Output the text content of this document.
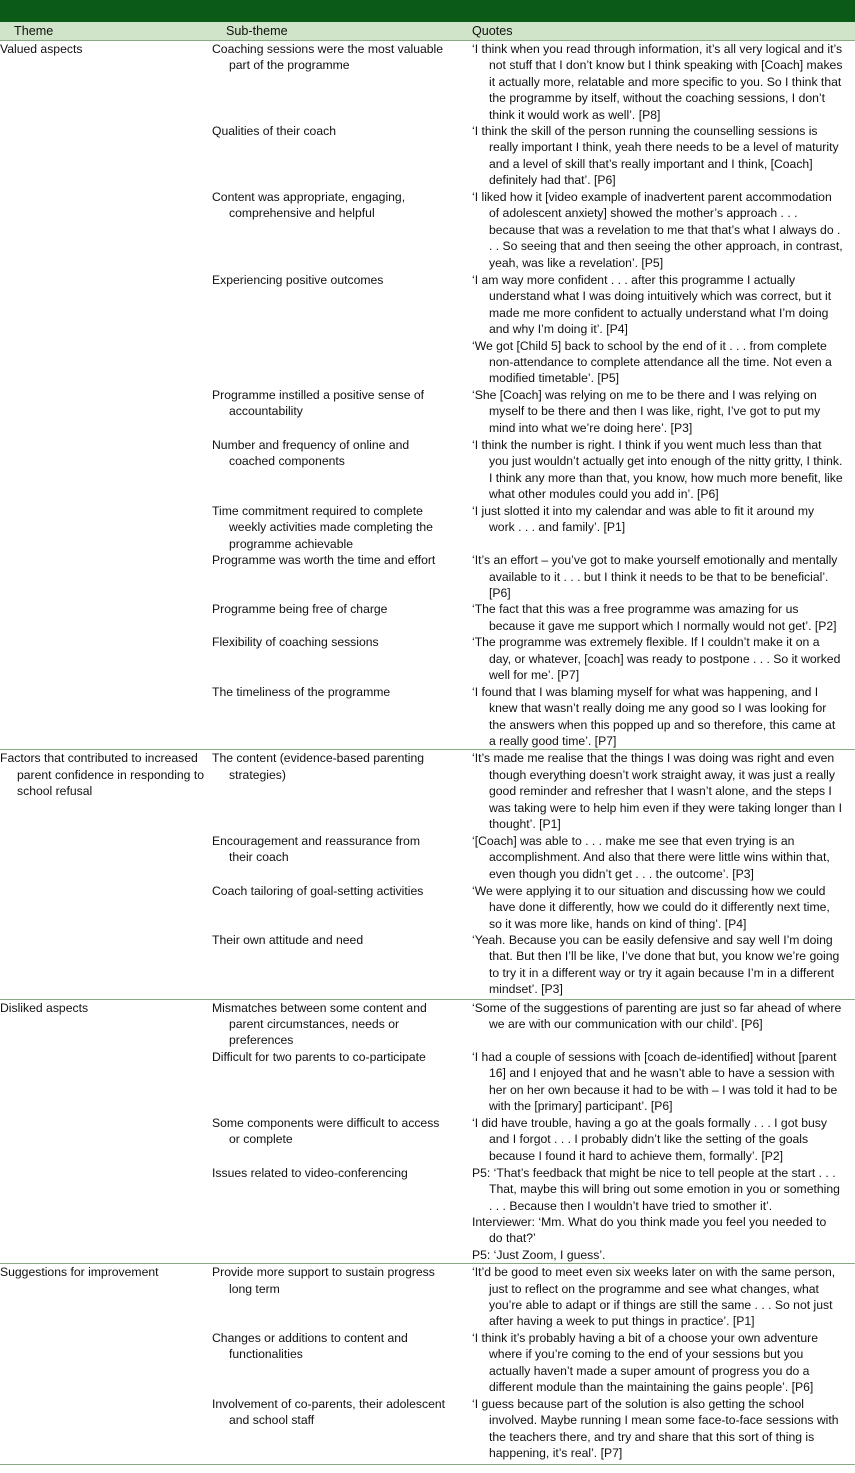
Theme	Sub-theme	Quotes
Valued aspects	Coaching sessions were the most valuable part of the programme	‘I think when you read through information, it’s all very logical and it’s not stuff that I don’t know but I think speaking with [Coach] makes it actually more, relatable and more specific to you. So I think that the programme by itself, without the coaching sessions, I don’t think it would work as well’. [P8]

	Qualities of their coach	‘I think the skill of the person running the counselling sessions is really important I think, yeah there needs to be a level of maturity and a level of skill that’s really important and I think, [Coach] definitely had that’. [P6]

	Content was appropriate, engaging, comprehensive and helpful	‘I liked how it [video example of inadvertent parent accommodation of adolescent anxiety] showed the mother’s approach . . . because that was a revelation to me that that’s what I always do . . . So seeing that and then seeing the other approach, in contrast, yeah, was like a revelation’. [P5]

	Experiencing positive outcomes	‘I am way more confident . . . after this programme I actually understand what I was doing intuitively which was correct, but it made me more confident to actually understand what I’m doing and why I’m doing it’. [P4]
‘We got [Child 5] back to school by the end of it . . . from complete non-attendance to complete attendance all the time. Not even a modified timetable’. [P5]

	Programme instilled a positive sense of accountability	‘She [Coach] was relying on me to be there and I was relying on myself to be there and then I was like, right, I’ve got to put my mind into what we’re doing here’. [P3]

	Number and frequency of online and coached components	‘I think the number is right. I think if you went much less than that you just wouldn’t actually get into enough of the nitty gritty, I think. I think any more than that, you know, how much more benefit, like what other modules could you add in’. [P6]

	Time commitment required to complete weekly activities made completing the programme achievable	‘I just slotted it into my calendar and was able to fit it around my work . . . and family’. [P1]

	Programme was worth the time and effort	‘It’s an effort – you’ve got to make yourself emotionally and mentally available to it . . . but I think it needs to be that to be beneficial’. [P6]

	Programme being free of charge	‘The fact that this was a free programme was amazing for us because it gave me support which I normally would not get’. [P2]

	Flexibility of coaching sessions	‘The programme was extremely flexible. If I couldn’t make it on a day, or whatever, [coach] was ready to postpone . . . So it worked well for me’. [P7]

	The timeliness of the programme	‘I found that I was blaming myself for what was happening, and I knew that wasn’t really doing me any good so I was looking for the answers when this popped up and so therefore, this came at a really good time’. [P7]

Factors that contributed to increased parent confidence in responding to school refusal	The content (evidence-based parenting strategies)	‘It’s made me realise that the things I was doing was right and even though everything doesn’t work straight away, it was just a really good reminder and refresher that I wasn’t alone, and the steps I was taking were to help him even if they were taking longer than I thought’. [P1]

	Encouragement and reassurance from their coach	‘[Coach] was able to . . . make me see that even trying is an accomplishment. And also that there were little wins within that, even though you didn’t get . . . the outcome’. [P3]

	Coach tailoring of goal-setting activities	‘We were applying it to our situation and discussing how we could have done it differently, how we could do it differently next time, so it was more like, hands on kind of thing’. [P4]

	Their own attitude and need	‘Yeah. Because you can be easily defensive and say well I’m doing that. But then I’ll be like, I’ve done that but, you know we’re going to try it in a different way or try it again because I’m in a different mindset’. [P3]

Disliked aspects	Mismatches between some content and parent circumstances, needs or preferences	‘Some of the suggestions of parenting are just so far ahead of where we are with our communication with our child’. [P6]

	Difficult for two parents to co-participate	‘I had a couple of sessions with [coach de-identified] without [parent 16] and I enjoyed that and he wasn’t able to have a session with her on her own because it had to be with – I was told it had to be with the [primary] participant’. [P6]

	Some components were difficult to access or complete	‘I did have trouble, having a go at the goals formally . . . I got busy and I forgot . . . I probably didn’t like the setting of the goals because I found it hard to achieve them, formally’. [P2]

	Issues related to video-conferencing	P5: ‘That’s feedback that might be nice to tell people at the start . . . That, maybe this will bring out some emotion in you or something . . . Because then I wouldn’t have tried to smother it’.
Interviewer: ‘Mm. What do you think made you feel you needed to do that?’
P5: ‘Just Zoom, I guess’.

Suggestions for improvement	Provide more support to sustain progress long term	‘It’d be good to meet even six weeks later on with the same person, just to reflect on the programme and see what changes, what you’re able to adapt or if things are still the same . . . So not just after having a week to put things in practice’. [P1]

	Changes or additions to content and functionalities	‘I think it’s probably having a bit of a choose your own adventure where if you’re coming to the end of your sessions but you actually haven’t made a super amount of progress you do a different module than the maintaining the gains people’. [P6]

	Involvement of co-parents, their adolescent and school staff	‘I guess because part of the solution is also getting the school involved. Maybe running I mean some face-to-face sessions with the teachers there, and try and share that this sort of thing is happening, it’s real’. [P7]
